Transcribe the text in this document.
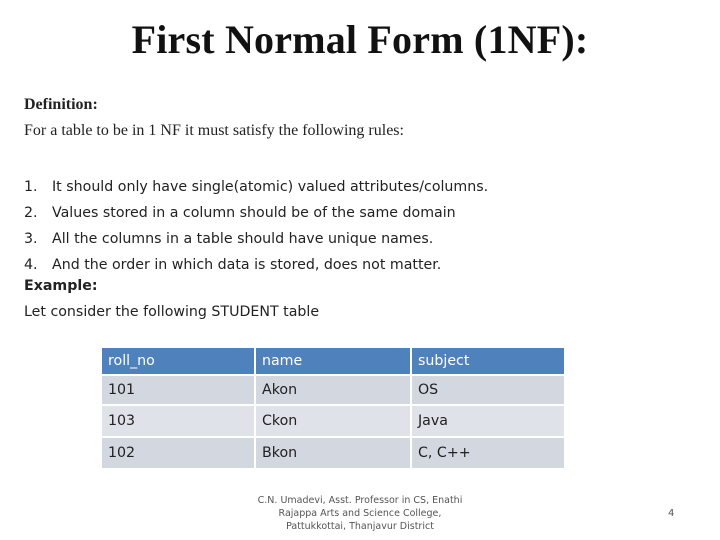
First Normal Form (1NF):
Definition:
For a table to be in 1 NF it must satisfy the following rules:
1.	It should only have single(atomic) valued attributes/columns.
2.	Values stored in a column should be of the same domain
3.	All the columns in a table should have unique names.
4.	And the order in which data is stored, does not matter.
Example:
Let consider the following STUDENT table
roll_no	name	subject
101	Akon	OS
103	Ckon	Java
102	Bkon	C, C++
C.N. Umadevi, Asst. Professor in CS, Enathi
Rajappa Arts and Science College,
Pattukkottai, Thanjavur District
4
